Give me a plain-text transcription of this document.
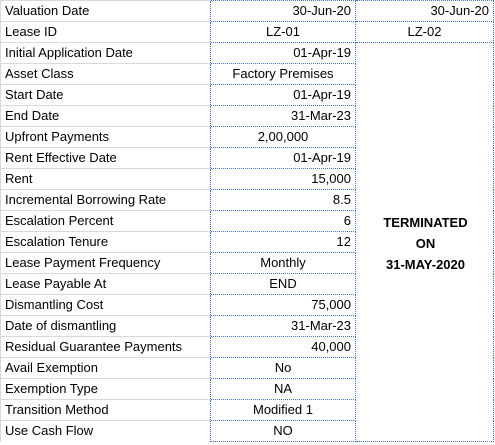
Valuation Date	30-Jun-20	30-Jun-20
Lease ID	LZ-01	LZ-02
Initial Application Date	01-Apr-19	
Asset Class	Factory Premises	
Start Date	01-Apr-19	
End Date	31-Mar-23	
Upfront Payments	2,00,000	
Rent Effective Date	01-Apr-19	
Rent	15,000	
Incremental Borrowing Rate	8.5	
Escalation Percent	6	
Escalation Tenure	12	
Lease Payment Frequency	Monthly	
Lease Payable At	END	
Dismantling Cost	75,000	
Date of dismantling	31-Mar-23	
Residual Guarantee Payments	40,000	
Avail Exemption	No	
Exemption Type	NA	
Transition Method	Modified 1	
Use Cash Flow	NO	
TERMINATED
ON
31-MAY-2020
